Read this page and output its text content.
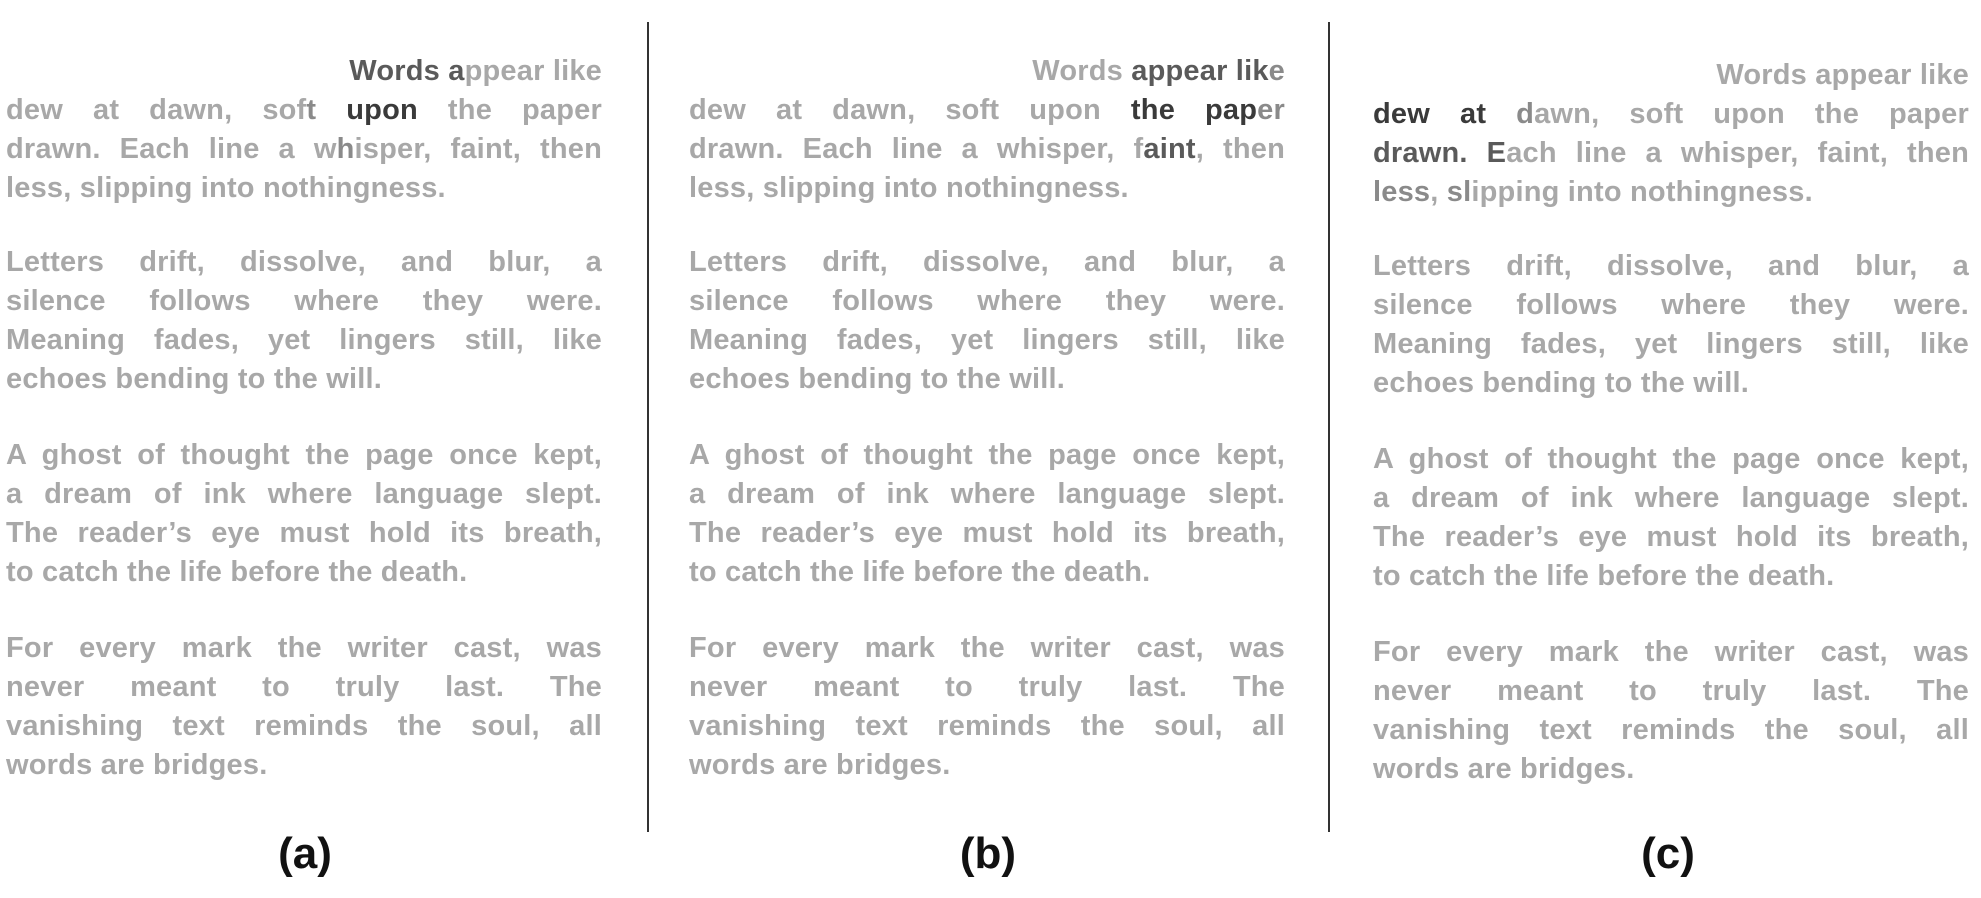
Words appear like
dew at dawn, soft upon the paper
drawn. Each line a whisper, faint, then
less, slipping into nothingness.
Letters drift, dissolve, and blur, a
silence follows where they were.
Meaning fades, yet lingers still, like
echoes bending to the will.
A ghost of thought the page once kept,
a dream of ink where language slept.
The reader’s eye must hold its breath,
to catch the life before the death.
For every mark the writer cast, was
never meant to truly last. The
vanishing text reminds the soul, all
words are bridges.
Words appear like
dew at dawn, soft upon the paper
drawn. Each line a whisper, faint, then
less, slipping into nothingness.
Letters drift, dissolve, and blur, a
silence follows where they were.
Meaning fades, yet lingers still, like
echoes bending to the will.
A ghost of thought the page once kept,
a dream of ink where language slept.
The reader’s eye must hold its breath,
to catch the life before the death.
For every mark the writer cast, was
never meant to truly last. The
vanishing text reminds the soul, all
words are bridges.
Words appear like
dew at dawn, soft upon the paper
drawn. Each line a whisper, faint, then
less, slipping into nothingness.
Letters drift, dissolve, and blur, a
silence follows where they were.
Meaning fades, yet lingers still, like
echoes bending to the will.
A ghost of thought the page once kept,
a dream of ink where language slept.
The reader’s eye must hold its breath,
to catch the life before the death.
For every mark the writer cast, was
never meant to truly last. The
vanishing text reminds the soul, all
words are bridges.
(a)	(b)	(c)
